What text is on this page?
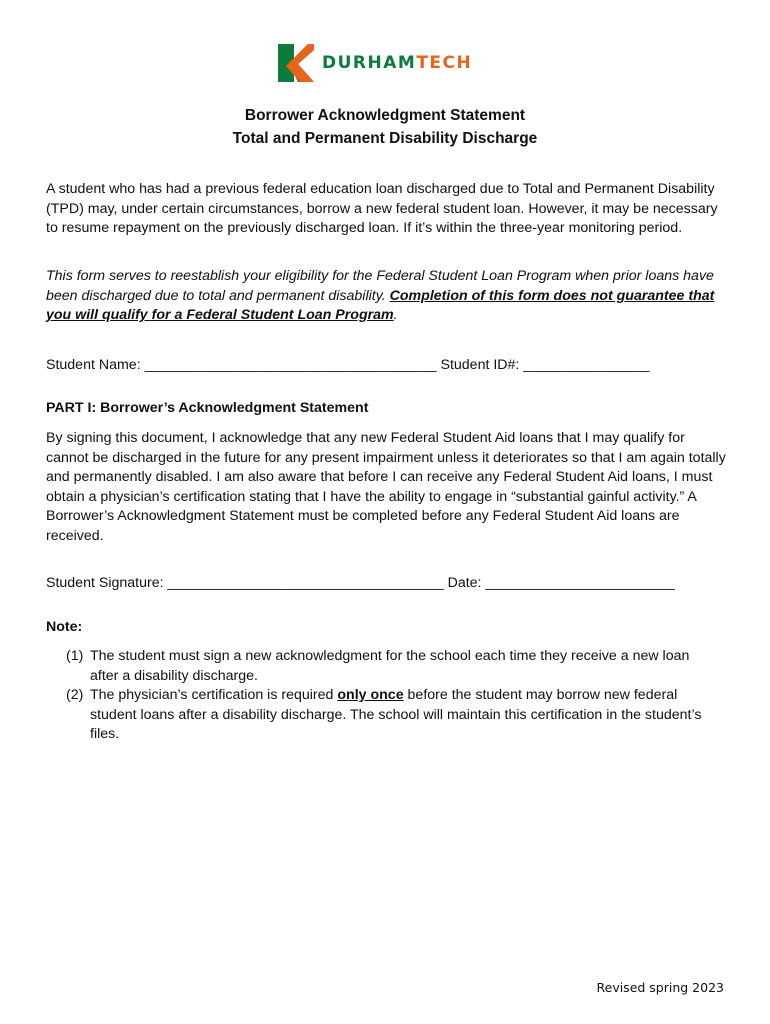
DURHAMTECH
Borrower Acknowledgment Statement
Total and Permanent Disability Discharge

A student who has had a previous federal education loan discharged due to Total and Permanent Disability (TPD) may, under certain circumstances, borrow a new federal student loan. However, it may be necessary to resume repayment on the previously discharged loan. If it’s within the three-year monitoring period.

This form serves to reestablish your eligibility for the Federal Student Loan Program when prior loans have been discharged due to total and permanent disability. Completion of this form does not guarantee that you will qualify for a Federal Student Loan Program.

Student Name: _____________________________________ Student ID#: ________________
PART I: Borrower’s Acknowledgment Statement

By signing this document, I acknowledge that any new Federal Student Aid loans that I may qualify for cannot be discharged in the future for any present impairment unless it deteriorates so that I am again totally and permanently disabled. I am also aware that before I can receive any Federal Student Aid loans, I must obtain a physician’s certification stating that I have the ability to engage in “substantial gainful activity.” A Borrower’s Acknowledgment Statement must be completed before any Federal Student Aid loans are received.

Student Signature: ___________________________________ Date: ________________________
Note:
(1) The student must sign a new acknowledgment for the school each time they receive a new loan after a disability discharge.
(2) The physician’s certification is required only once before the student may borrow new federal student loans after a disability discharge. The school will maintain this certification in the student’s files.
Revised spring 2023
